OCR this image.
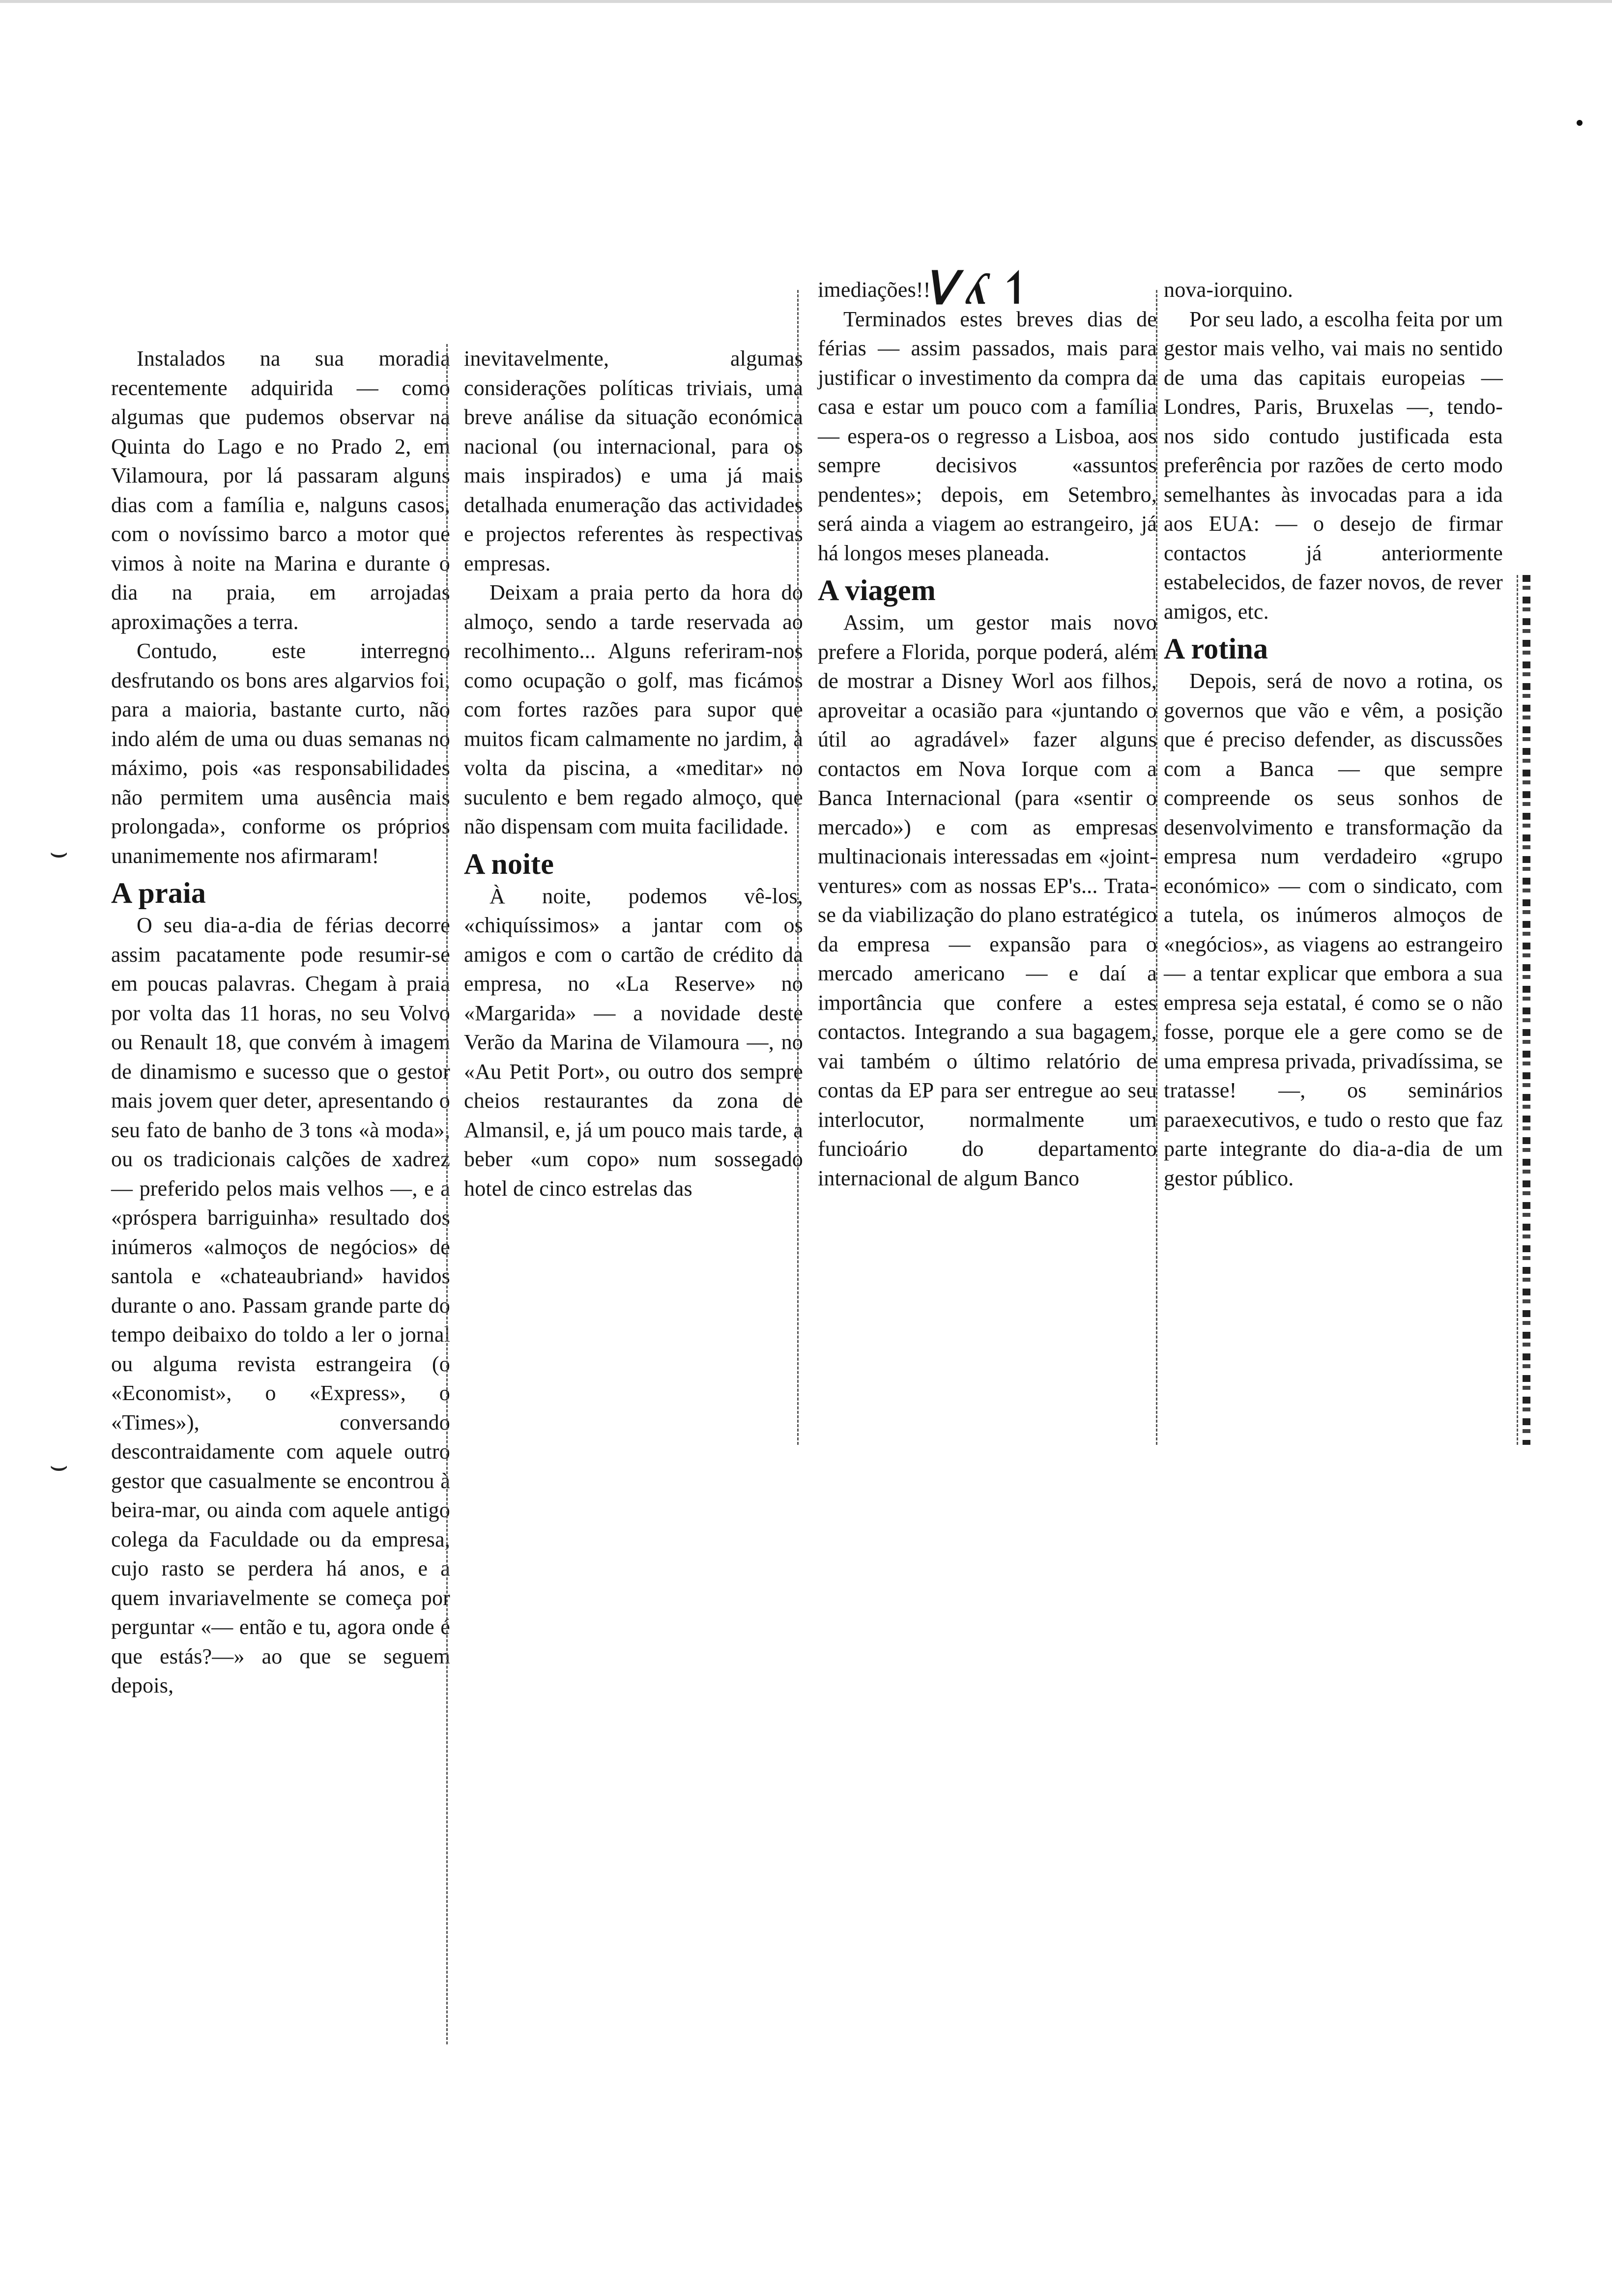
ᐯ ʎ ↿
⌣
⌣

Instalados na sua moradia recentemente adquirida — como algumas que pudemos observar na Quinta do Lago e no Prado 2, em Vilamoura, por lá passaram alguns dias com a família e, nalguns casos, com o novíssimo barco a motor que vimos à noite na Marina e durante o dia na praia, em arrojadas aproximações a terra.

Contudo, este interregno desfrutando os bons ares algarvios foi, para a maioria, bastante curto, não indo além de uma ou duas semanas no máximo, pois «as responsabilidades não permitem uma ausência mais prolongada», conforme os próprios unanimemente nos afirmaram!

A praia

O seu dia-a-dia de férias decorre assim pacatamente pode resumir-se em poucas palavras. Chegam à praia por volta das 11 horas, no seu Volvo ou Renault 18, que convém à imagem de dinamismo e sucesso que o gestor mais jovem quer deter, apresentando o seu fato de banho de 3 tons «à moda», ou os tradicionais calções de xadrez — preferido pelos mais velhos —, e a «próspera barriguinha» resultado dos inúmeros «almoços de negócios» de santola e «chateaubriand» havidos durante o ano. Passam grande parte do tempo deibaixo do toldo a ler o jornal ou alguma revista estrangeira (o «Economist», o «Express», o «Times»), conversando descontraidamente com aquele outro gestor que casualmente se encontrou à beira-mar, ou ainda com aquele antigo colega da Faculdade ou da empresa, cujo rasto se perdera há anos, e a quem invariavelmente se começa por perguntar «— então e tu, agora onde é que estás?—» ao que se seguem depois,

inevitavelmente, algumas considerações políticas triviais, uma breve análise da situação económica nacional (ou internacional, para os mais inspirados) e uma já mais detalhada enumeração das actividades e projectos referentes às respectivas empresas.

Deixam a praia perto da hora do almoço, sendo a tarde reservada ao recolhimento... Alguns referiram-nos como ocupação o golf, mas ficámos com fortes razões para supor que muitos ficam calmamente no jardim, à volta da piscina, a «meditar» no suculento e bem regado almoço, que não dispensam com muita facilidade.

A noite

À noite, podemos vê-los, «chiquíssimos» a jantar com os amigos e com o cartão de crédito da empresa, no «La Reserve» no «Margarida» — a novidade deste Verão da Marina de Vilamoura —, no «Au Petit Port», ou outro dos sempre cheios restaurantes da zona de Almansil, e, já um pouco mais tarde, a beber «um copo» num sossegado hotel de cinco estrelas das

imediações!!

Terminados estes breves dias de férias — assim passados, mais para justificar o investimento da compra da casa e estar um pouco com a família — espera-os o regresso a Lisboa, aos sempre decisivos «assuntos pendentes»; depois, em Setembro, será ainda a viagem ao estrangeiro, já há longos meses planeada.

A viagem

Assim, um gestor mais novo prefere a Florida, porque poderá, além de mostrar a Disney Worl aos filhos, aproveitar a ocasião para «juntando o útil ao agradável» fazer alguns contactos em Nova Iorque com a Banca Internacional (para «sentir o mercado») e com as empresas multinacionais interessadas em «joint-ventures» com as nossas EP's... Trata-se da viabilização do plano estratégico da empresa — expansão para o mercado americano — e daí a importância que confere a estes contactos. Integrando a sua bagagem, vai também o último relatório de contas da EP para ser entregue ao seu interlocutor, normalmente um funcioário do departamento internacional de algum Banco

nova-iorquino.

Por seu lado, a escolha feita por um gestor mais velho, vai mais no sentido de uma das capitais europeias — Londres, Paris, Bruxelas —, tendo-nos sido contudo justificada esta preferência por razões de certo modo semelhantes às invocadas para a ida aos EUA: — o desejo de firmar contactos já anteriormente estabelecidos, de fazer novos, de rever amigos, etc.

A rotina

Depois, será de novo a rotina, os governos que vão e vêm, a posição que é preciso defender, as discussões com a Banca — que sempre compreende os seus sonhos de desenvolvimento e transformação da empresa num verdadeiro «grupo económico» — com o sindicato, com a tutela, os inúmeros almoços de «negócios», as viagens ao estrangeiro — a tentar explicar que embora a sua empresa seja estatal, é como se o não fosse, porque ele a gere como se de uma empresa privada, privadíssima, se tratasse! —, os seminários paraexecutivos, e tudo o resto que faz parte integrante do dia-a-dia de um gestor público.
